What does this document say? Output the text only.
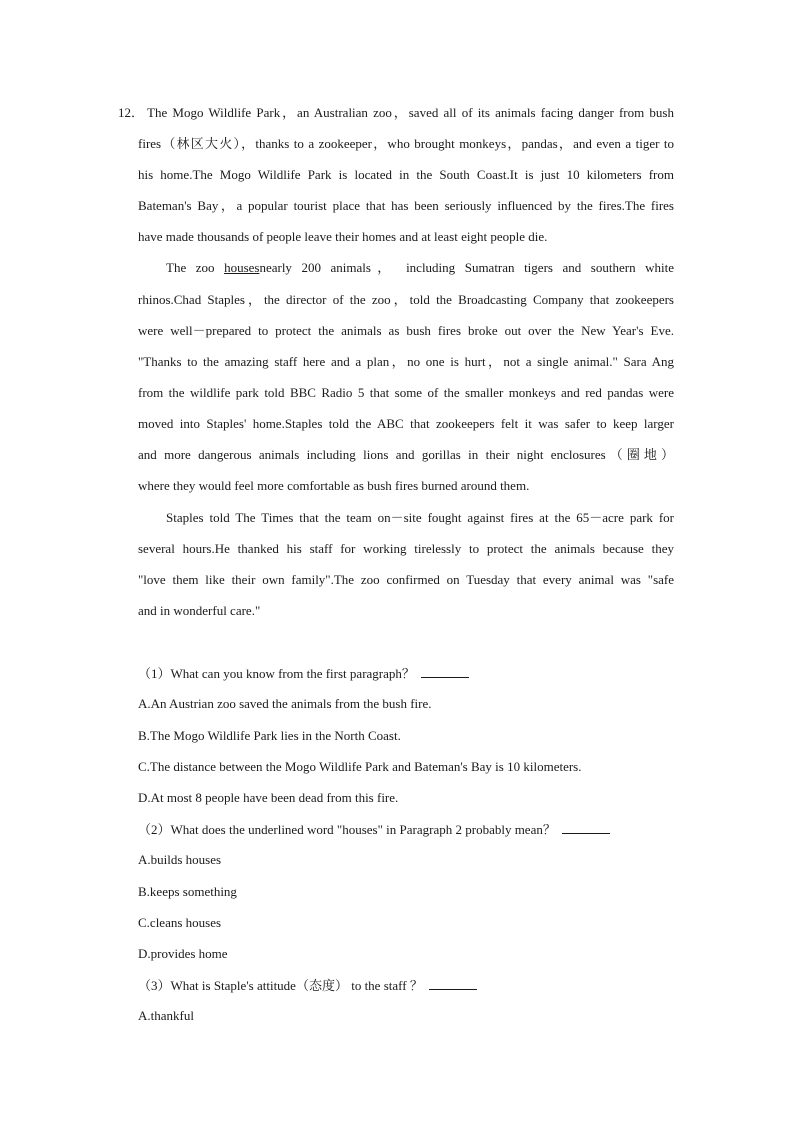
12． The Mogo Wildlife Park，an Australian zoo，saved all of its animals facing danger from bush
fires（林区大火），thanks to a zookeeper，who brought monkeys，pandas，and even a tiger to
his home.The Mogo Wildlife Park is located in the South Coast.It is just 10 kilometers from
Bateman's Bay，a popular tourist place that has been seriously influenced by the fires.The fires
have made thousands of people leave their homes and at least eight people die.
The zoo housesnearly 200 animals， including Sumatran tigers and southern white
rhinos.Chad Staples，the director of the zoo，told the Broadcasting Company that zookeepers
were well－prepared to protect the animals as bush fires broke out over the New Year's Eve.
"Thanks to the amazing staff here and a plan，no one is hurt，not a single animal." Sara Ang
from the wildlife park told BBC Radio 5 that some of the smaller monkeys and red pandas were
moved into Staples' home.Staples told the ABC that zookeepers felt it was safer to keep larger
and more dangerous animals including lions and gorillas in their night enclosures（圈地）
where they would feel more comfortable as bush fires burned around them.
Staples told The Times that the team on－site fought against fires at the 65－acre park for
several hours.He thanked his staff for working tirelessly to protect the animals because they
"love them like their own family".The zoo confirmed on Tuesday that every animal was "safe
and in wonderful care."
（1）What can you know from the first paragraph？
A.An Austrian zoo saved the animals from the bush fire.
B.The Mogo Wildlife Park lies in the North Coast.
C.The distance between the Mogo Wildlife Park and Bateman's Bay is 10 kilometers.
D.At most 8 people have been dead from this fire.
（2）What does the underlined word "houses" in Paragraph 2 probably mean？
A.builds houses
B.keeps something
C.cleans houses
D.provides home
（3）What is Staple's attitude（态度） to the staff ？
A.thankful
